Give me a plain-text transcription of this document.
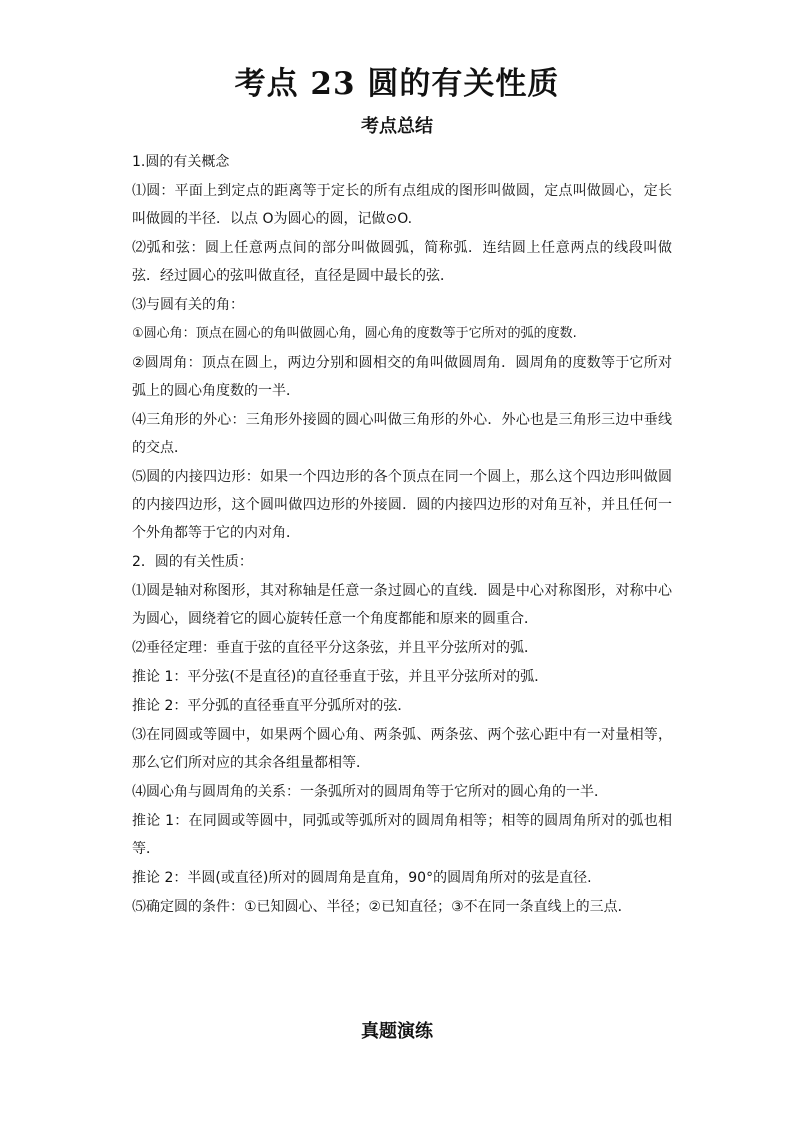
考点 23 圆的有关性质
考点总结

1.圆的有关概念

⑴圆：平面上到定点的距离等于定长的所有点组成的图形叫做圆，定点叫做圆心，定长叫做圆的半径．以点 O为圆心的圆，记做⊙O.

⑵弧和弦：圆上任意两点间的部分叫做圆弧，简称弧．连结圆上任意两点的线段叫做弦．经过圆心的弦叫做直径，直径是圆中最长的弦．

⑶与圆有关的角：

①圆心角：顶点在圆心的角叫做圆心角，圆心角的度数等于它所对的弧的度数.

②圆周角：顶点在圆上，两边分别和圆相交的角叫做圆周角．圆周角的度数等于它所对弧上的圆心角度数的一半．

⑷三角形的外心：三角形外接圆的圆心叫做三角形的外心．外心也是三角形三边中垂线的交点．

⑸圆的内接四边形：如果一个四边形的各个顶点在同一个圆上，那么这个四边形叫做圆的内接四边形，这个圆叫做四边形的外接圆．圆的内接四边形的对角互补，并且任何一个外角都等于它的内对角．

2．圆的有关性质：

⑴圆是轴对称图形，其对称轴是任意一条过圆心的直线．圆是中心对称图形，对称中心为圆心，圆绕着它的圆心旋转任意一个角度都能和原来的圆重合．

⑵垂径定理：垂直于弦的直径平分这条弦，并且平分弦所对的弧．

推论 1：平分弦(不是直径)的直径垂直于弦，并且平分弦所对的弧．

推论 2：平分弧的直径垂直平分弧所对的弦．

⑶在同圆或等圆中，如果两个圆心角、两条弧、两条弦、两个弦心距中有一对量相等，那么它们所对应的其余各组量都相等．

⑷圆心角与圆周角的关系：一条弧所对的圆周角等于它所对的圆心角的一半．

推论 1：在同圆或等圆中，同弧或等弧所对的圆周角相等；相等的圆周角所对的弧也相等．

推论 2：半圆(或直径)所对的圆周角是直角，90°的圆周角所对的弦是直径.

⑸确定圆的条件：①已知圆心、半径；②已知直径；③不在同一条直线上的三点．

真题演练
